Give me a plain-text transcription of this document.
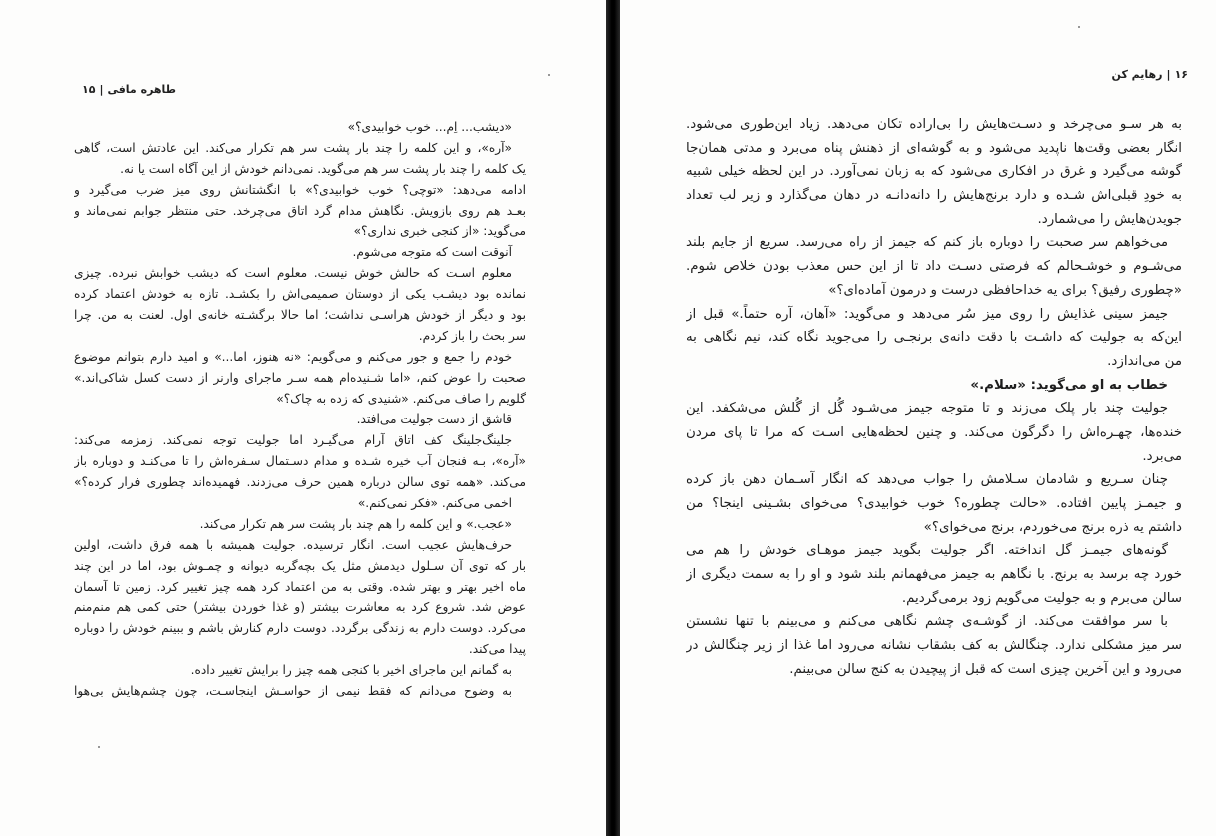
طاهره مافی|۱۵
«دیشب... اِم... خوب خوابیدی؟»
«آره»، و این کلمه را چند بار پشت سر هم تکرار می‌کند. این عادتش است، گاهی
یک کلمه را چند بار پشت سر هم می‌گوید. نمی‌دانم خودش از این آگاه است یا نه.
ادامه می‌دهد: «توچی؟ خوب خوابیدی؟» با انگشتانش روی میز ضرب می‌گیرد و
بعـد هم روی بازویش. نگاهش مدام گرد اتاق می‌چرخد. حتی منتظر جوابم نمی‌ماند و
می‌گوید: «از کنجی خبری نداری؟»
آنوقت است که متوجه می‌شوم.
معلوم اسـت که حالش خوش نیست. معلوم است که دیشب خوابش نبرده. چیزی
نمانده بود دیشـب یکی از دوستان صمیمی‌اش را بکشـد. تازه به خودش اعتماد کرده
بود و دیگر از خودش هراسـی نداشت؛ اما حالا برگشـته خانه‌ی اول. لعنت به من. چرا
سر بحث را باز کردم.
خودم را جمع و جور می‌کنم و می‌گویم: «نه هنوز، اما...» و امید دارم بتوانم موضوع
صحبت را عوض کنم، «اما شـنیده‌ام همه سـر ماجرای وارنر از دست کسل شاکی‌اند.»
گلویم را صاف می‌کنم. «شنیدی که زده به چاک؟»
قاشق از دست جولیت می‌افتد.
جلینگ‌جلینگ کف اتاق آرام می‌گیـرد اما جولیت توجه نمی‌کند. زمزمه می‌کند:
«آره»، بـه فنجان آب خیره شـده و مدام دسـتمال سـفره‌اش را تا می‌کنـد و دوباره باز
می‌کند. «همه توی سالن درباره همین حرف می‌زدند. فهمیده‌اند چطوری فرار کرده؟»
اخمی می‌کنم. «فکر نمی‌کنم.»
«عجب.» و این کلمه را هم چند بار پشت سر هم تکرار می‌کند.
حرف‌هایش عجیب است. انگار ترسیده. جولیت همیشه با همه فرق داشت، اولین
بار که توی آن سـلول دیدمش مثل یک بچه‌گربه دیوانه و چمـوش بود، اما در این چند
ماه اخیر بهتر و بهتر شده. وقتی به من اعتماد کرد همه چیز تغییر کرد. زمین تا آسمان
عوض شد. شروع کرد به معاشرت بیشتر (و غذا خوردن بیشتر) حتی کمی هم منم‌منم
می‌کرد. دوست دارم به زندگی برگردد. دوست دارم کنارش باشم و ببینم خودش را دوباره
پیدا می‌کند.
به گمانم این ماجرای اخیر با کنجی همه چیز را برایش تغییر داده.
به وضوح می‌دانم که فقط نیمی از حواسـش اینجاسـت، چون چشم‌هایش بی‌هوا
۱۶|رهایم کن
به هر سـو می‌چرخد و دسـت‌هایش را بی‌اراده تکان می‌دهد. زیاد این‌طوری می‌شود.
انگار بعضی وقت‌ها ناپدید می‌شود و به گوشه‌ای از ذهنش پناه می‌برد و مدتی همان‌جا
گوشه می‌گیرد و غرق در افکاری می‌شود که به زبان نمی‌آورد. در این لحظه خیلی شبیه
به خودِ قبلی‌اش شـده و دارد برنج‌هایش را دانه‌دانـه در دهان می‌گذارد و زیر لب تعداد
جویدن‌هایش را می‌شمارد.
می‌خواهم سر صحبت را دوباره باز کنم که جیمز از راه می‌رسد. سریع از جایم بلند
می‌شـوم و خوشـحالم که فرصتی دسـت داد تا از این حس معذب بودن خلاص شوم.
«چطوری رفیق؟ برای یه خداحافظی درست و درمون آماده‌ای؟»
جیمز سینی غذایش را روی میز سُر می‌دهد و می‌گوید: «آهان، آره حتماً.» قبل از
این‌که به جولیت که داشـت با دقت دانه‌ی برنجـی را می‌جوید نگاه کند، نیم نگاهی به
من می‌اندازد.
خطاب به او می‌گوید: «سلام.»
جولیت چند بار پلک می‌زند و تا متوجه جیمز می‌شـود گُل از گُلش می‌شکفد. این
خنده‌ها، چهـره‌اش را دگرگون می‌کند. و چنین لحظه‌هایی اسـت که مرا تا پای مردن
می‌برد.
چنان سـریع و شادمان سـلامش را جواب می‌دهد که انگار آسـمان دهن باز کرده
و جیمـز پایین افتاده. «حالت چطوره؟ خوب خوابیدی؟ می‌خوای بشـینی اینجا؟ من
داشتم یه ذره برنج می‌خوردم، برنج می‌خوای؟»
گونه‌های جیمـز گل انداخته. اگر جولیت بگوید جیمز موهـای خودش را هم می
خورد چه برسد به برنج. با نگاهم به جیمز می‌فهمانم بلند شود و او را به سمت دیگری از
سالن می‌برم و به جولیت می‌گویم زود برمی‌گردیم.
با سر موافقت می‌کند. از گوشـه‌ی چشم نگاهی می‌کنم و می‌بینم با تنها نشستن
سر میز مشکلی ندارد. چنگالش به کف بشقاب نشانه می‌رود اما غذا از زیر چنگالش در
می‌رود و این آخرین چیزی است که قبل از پیچیدن به کنج سالن می‌بینم.
